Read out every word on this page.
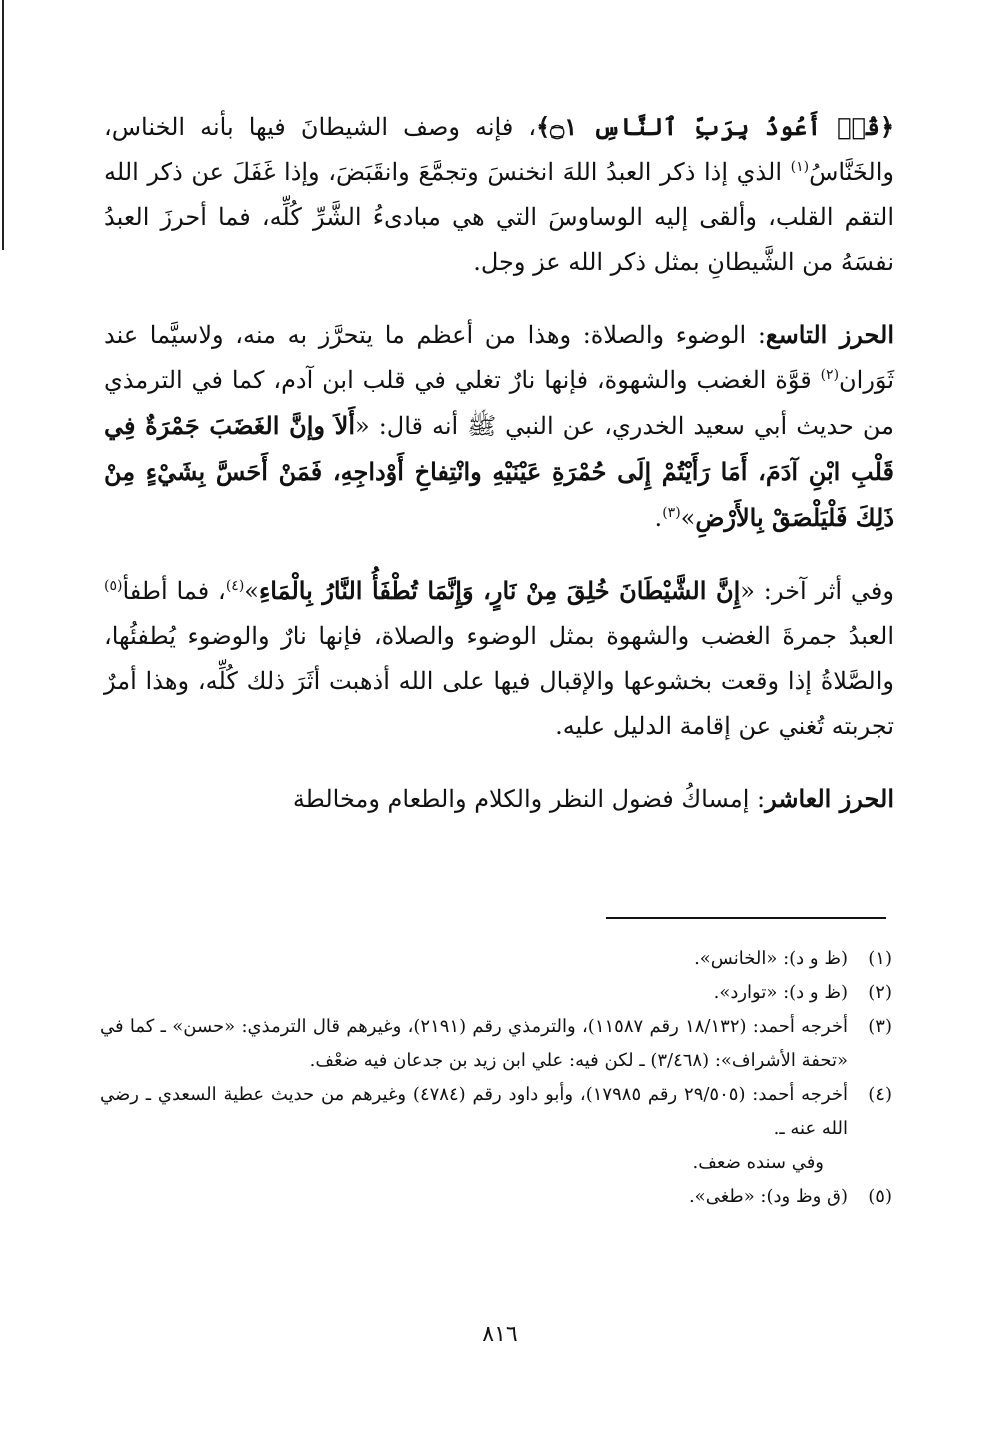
﴿قُلۡ أَعُوذُ بِرَبِّ ٱلنَّاسِ ۝١﴾، فإنه وصف الشيطانَ فيها بأنه الخناس، والخَنَّاسُ$^{(١)}$ الذي إذا ذكر العبدُ اللهَ انخنسَ وتجمَّعَ وانقَبَضَ، وإذا غَفَلَ عن ذكر الله التقم القلب، وألقى إليه الوساوسَ التي هي مبادىءُ الشَّرِّ كُلِّه، فما أحرزَ العبدُ نفسَهُ من الشَّيطانِ بمثل ذكر الله عز وجل.

الحرز التاسع: الوضوء والصلاة: وهذا من أعظم ما يتحرَّز به منه، ولاسيَّما عند ثَوَران$^{(٢)}$ قوَّة الغضب والشهوة، فإنها نارٌ تغلي في قلب ابن آدم، كما في الترمذي من حديث أبي سعيد الخدري، عن النبي ﷺ أنه قال: «أَلاَ وإنَّ الغَضَبَ جَمْرَةٌ فِي قَلْبِ ابْنِ آدَمَ، أَمَا رَأَيْتُمْ إِلَى حُمْرَةِ عَيْنَيْهِ وانْتِفاخِ أَوْداجِهِ، فَمَنْ أَحَسَّ بِشَيْءٍ مِنْ ذَلِكَ فَلْيَلْصَقْ بِالأَرْضِ»$^{(٣)}$.

وفي أثر آخر: «إِنَّ الشَّيْطَانَ خُلِقَ مِنْ نَارٍ، وَإِنَّمَا تُطْفَأُ النَّارُ بِالْمَاءِ»$^{(٤)}$، فما أطفأ$^{(٥)}$ العبدُ جمرةَ الغضب والشهوة بمثل الوضوء والصلاة، فإنها نارٌ والوضوء يُطفئُها، والصَّلاةُ إذا وقعت بخشوعها والإقبال فيها على الله أذهبت أثَرَ ذلك كُلِّه، وهذا أمرٌ تجربته تُغني عن إقامة الدليل عليه.

الحرز العاشر: إمساكُ فضول النظر والكلام والطعام ومخالطة

(١)
(ظ و د): «الخانس».
(٢)
(ظ و د): «توارد».
(٣)
أخرجه أحمد: (١٨/١٣٢ رقم ١١٥٨٧)، والترمذي رقم (٢١٩١)، وغيرهم قال الترمذي: «حسن» ـ كما في «تحفة الأشراف»: (٣/٤٦٨) ـ لكن فيه: علي ابن زيد بن جدعان فيه ضعْف.
(٤)
أخرجه أحمد: (٢٩/٥٠٥ رقم ١٧٩٨٥)، وأبو داود رقم (٤٧٨٤) وغيرهم من حديث عطية السعدي ـ رضي الله عنه ـ.
وفي سنده ضعف.
(٥)
(ق وظ ود): «طغى».
٨١٦
